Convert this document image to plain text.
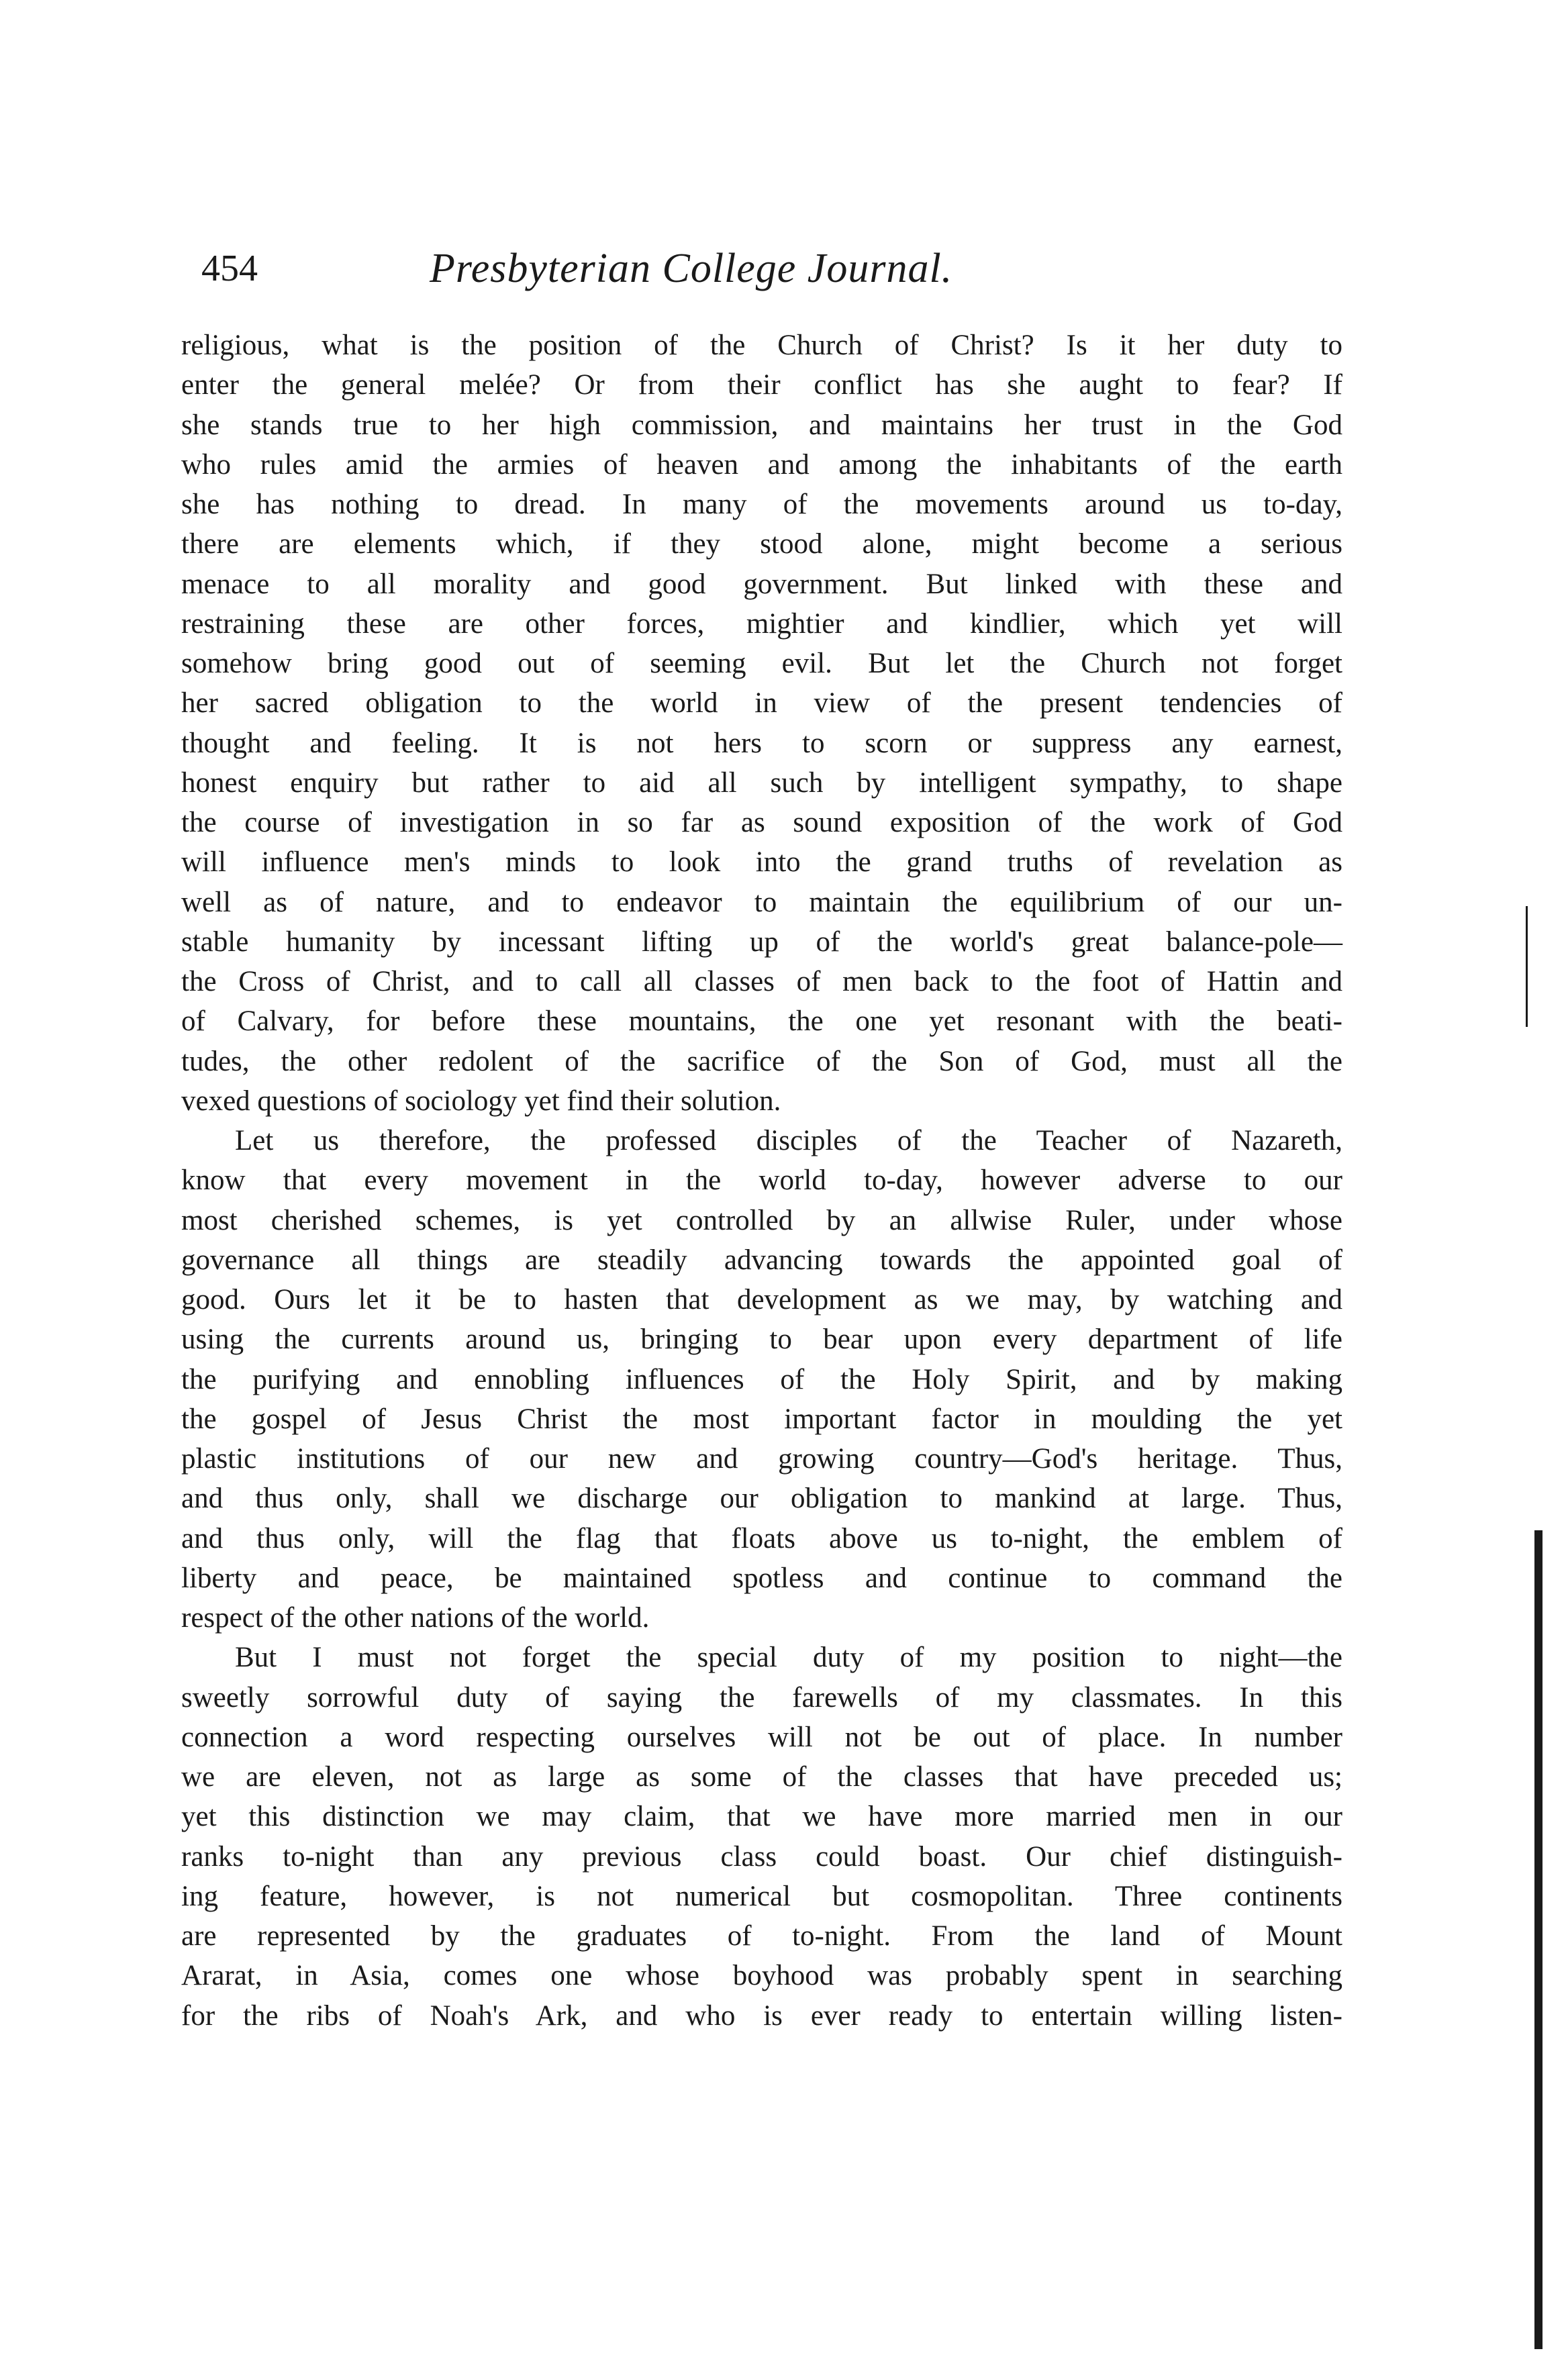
454	Presbyterian College Journal.
religious, what is the position of the Church of Christ? Is it her duty to
enter the general melée? Or from their conflict has she aught to fear? If
she stands true to her high commission, and maintains her trust in the God
who rules amid the armies of heaven and among the inhabitants of the earth
she has nothing to dread. In many of the movements around us to-day,
there are elements which, if they stood alone, might become a serious
menace to all morality and good government. But linked with these and
restraining these are other forces, mightier and kindlier, which yet will
somehow bring good out of seeming evil. But let the Church not forget
her sacred obligation to the world in view of the present tendencies of
thought and feeling. It is not hers to scorn or suppress any earnest,
honest enquiry but rather to aid all such by intelligent sympathy, to shape
the course of investigation in so far as sound exposition of the work of God
will influence men's minds to look into the grand truths of revelation as
well as of nature, and to endeavor to maintain the equilibrium of our un-
stable humanity by incessant lifting up of the world's great balance-pole—
the Cross of Christ, and to call all classes of men back to the foot of Hattin and
of Calvary, for before these mountains, the one yet resonant with the beati-
tudes, the other redolent of the sacrifice of the Son of God, must all the
vexed questions of sociology yet find their solution.
Let us therefore, the professed disciples of the Teacher of Nazareth,
know that every movement in the world to-day, however adverse to our
most cherished schemes, is yet controlled by an allwise Ruler, under whose
governance all things are steadily advancing towards the appointed goal of
good. Ours let it be to hasten that development as we may, by watching and
using the currents around us, bringing to bear upon every department of life
the purifying and ennobling influences of the Holy Spirit, and by making
the gospel of Jesus Christ the most important factor in moulding the yet
plastic institutions of our new and growing country—God's heritage. Thus,
and thus only, shall we discharge our obligation to mankind at large. Thus,
and thus only, will the flag that floats above us to-night, the emblem of
liberty and peace, be maintained spotless and continue to command the
respect of the other nations of the world.
But I must not forget the special duty of my position to night—the
sweetly sorrowful duty of saying the farewells of my classmates. In this
connection a word respecting ourselves will not be out of place. In number
we are eleven, not as large as some of the classes that have preceded us;
yet this distinction we may claim, that we have more married men in our
ranks to-night than any previous class could boast. Our chief distinguish-
ing feature, however, is not numerical but cosmopolitan. Three continents
are represented by the graduates of to-night. From the land of Mount
Ararat, in Asia, comes one whose boyhood was probably spent in searching
for the ribs of Noah's Ark, and who is ever ready to entertain willing listen-
